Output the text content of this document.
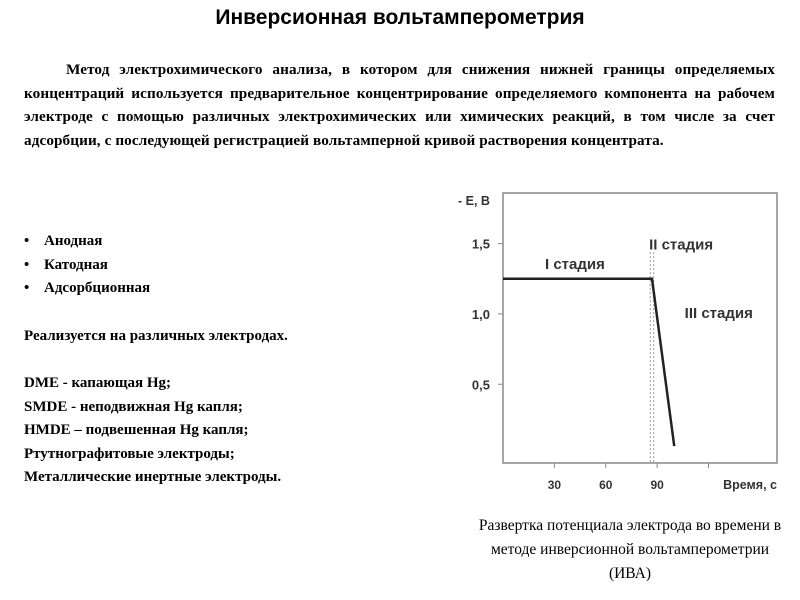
Инверсионная вольтамперометрия
Метод электрохимического анализа, в котором для снижения нижней границы определяемых концентраций используется предварительное концентрирование определяемого компонента на рабочем электроде с помощью различных электрохимических или химических реакций, в том числе за счет адсорбции, с последующей регистрацией вольтамперной кривой растворения концентрата.
• Анодная
• Катодная
• Адсорбционная
Реализуется на различных электродах.
DME - капающая Hg;
SMDE - неподвижная Hg капля;
HMDE – подвешенная Hg капля;
Ртутнографитовые электроды;
Металлические инертные электроды.	30	60	90
0,5
1,0
1,5
Время, с
- E, В
I стадия
II стадия
III стадия
Развертка потенциала электрода во времени в методе инверсионной вольтамперометрии (ИВА)
